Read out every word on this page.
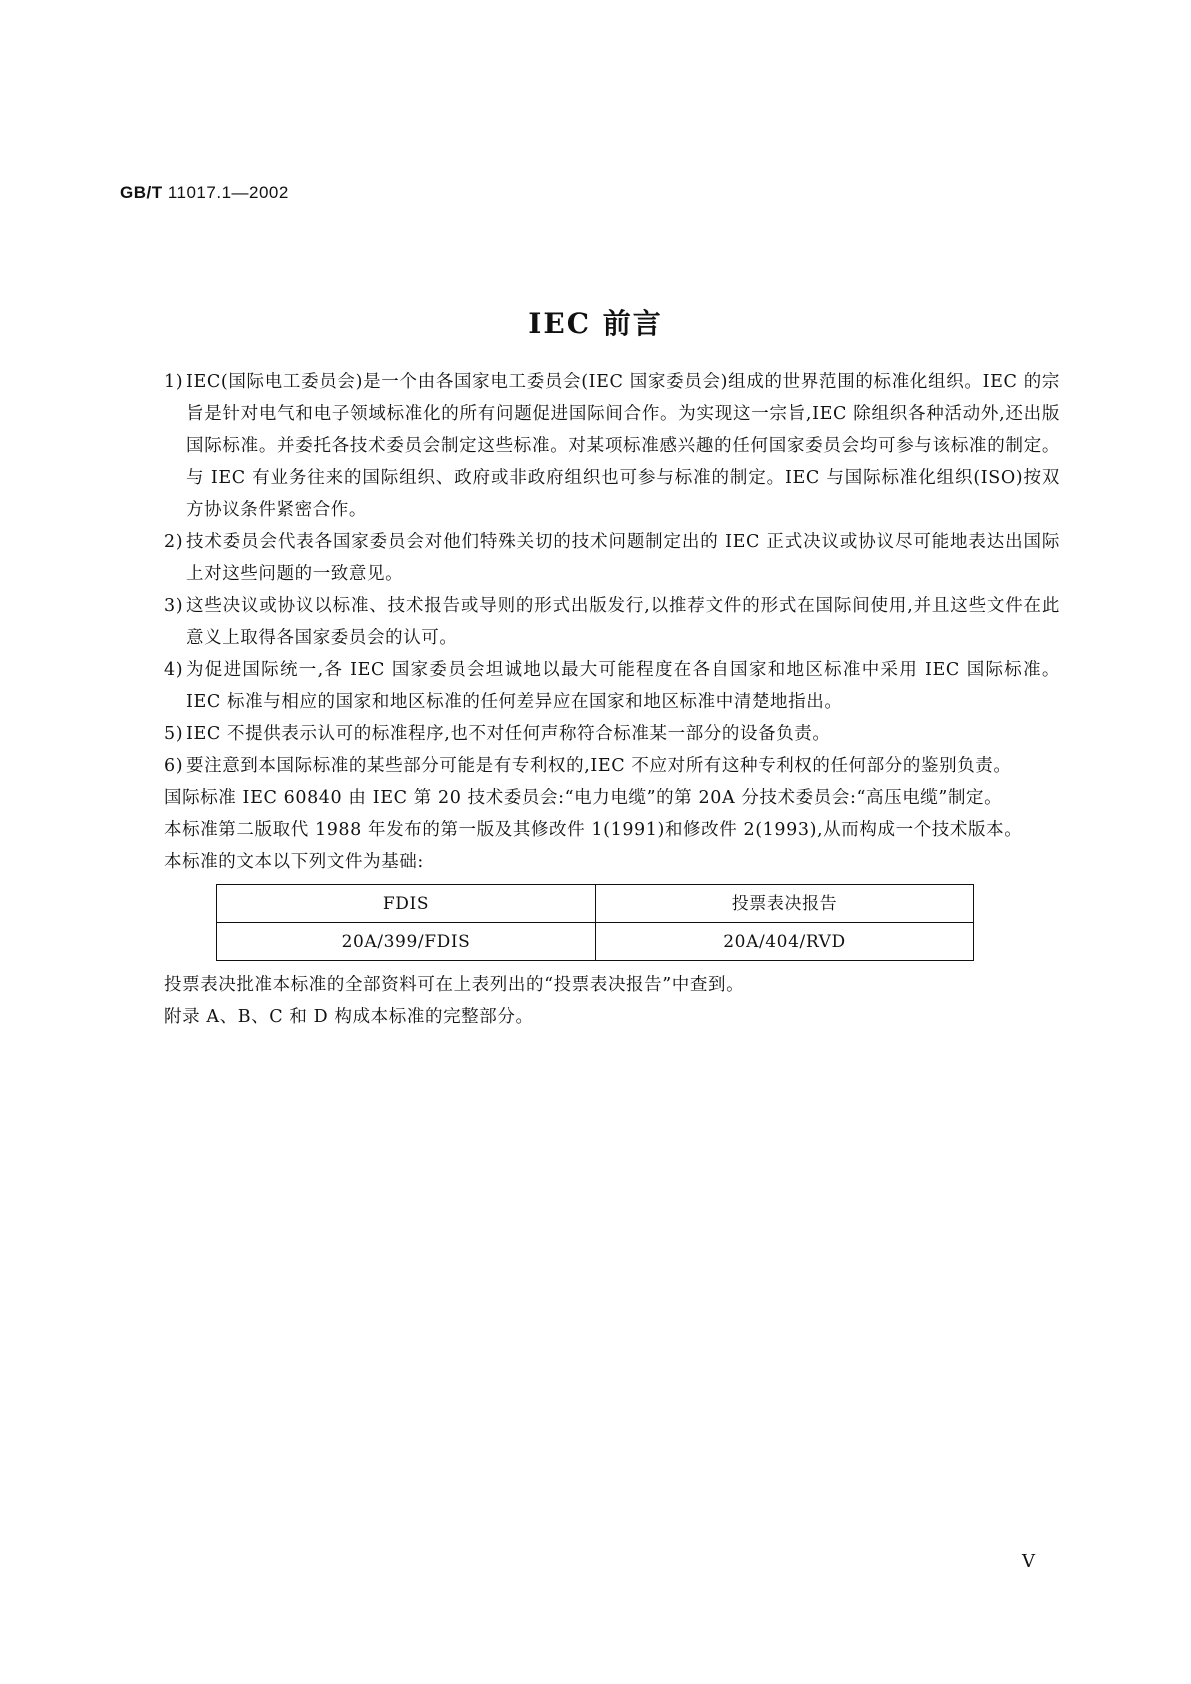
GB/T 11017.1—2002
IEC 前言
1) IEC(国际电工委员会)是一个由各国家电工委员会(IEC 国家委员会)组成的世界范围的标准化组织。IEC 的宗旨是针对电气和电子领域标准化的所有问题促进国际间合作。为实现这一宗旨,IEC 除组织各种活动外,还出版国际标准。并委托各技术委员会制定这些标准。对某项标准感兴趣的任何国家委员会均可参与该标准的制定。与 IEC 有业务往来的国际组织、政府或非政府组织也可参与标准的制定。IEC 与国际标准化组织(ISO)按双方协议条件紧密合作。
2) 技术委员会代表各国家委员会对他们特殊关切的技术问题制定出的 IEC 正式决议或协议尽可能地表达出国际上对这些问题的一致意见。
3) 这些决议或协议以标准、技术报告或导则的形式出版发行,以推荐文件的形式在国际间使用,并且这些文件在此意义上取得各国家委员会的认可。
4) 为促进国际统一,各 IEC 国家委员会坦诚地以最大可能程度在各自国家和地区标准中采用 IEC 国际标准。IEC 标准与相应的国家和地区标准的任何差异应在国家和地区标准中清楚地指出。
5) IEC 不提供表示认可的标准程序,也不对任何声称符合标准某一部分的设备负责。
6) 要注意到本国际标准的某些部分可能是有专利权的,IEC 不应对所有这种专利权的任何部分的鉴别负责。

国际标准 IEC 60840 由 IEC 第 20 技术委员会:“电力电缆”的第 20A 分技术委员会:“高压电缆”制定。

本标准第二版取代 1988 年发布的第一版及其修改件 1(1991)和修改件 2(1993),从而构成一个技术版本。

本标准的文本以下列文件为基础:

FDIS	投票表决报告
20A/399/FDIS	20A/404/RVD

投票表决批准本标准的全部资料可在上表列出的“投票表决报告”中查到。

附录 A、B、C 和 D 构成本标准的完整部分。

V
